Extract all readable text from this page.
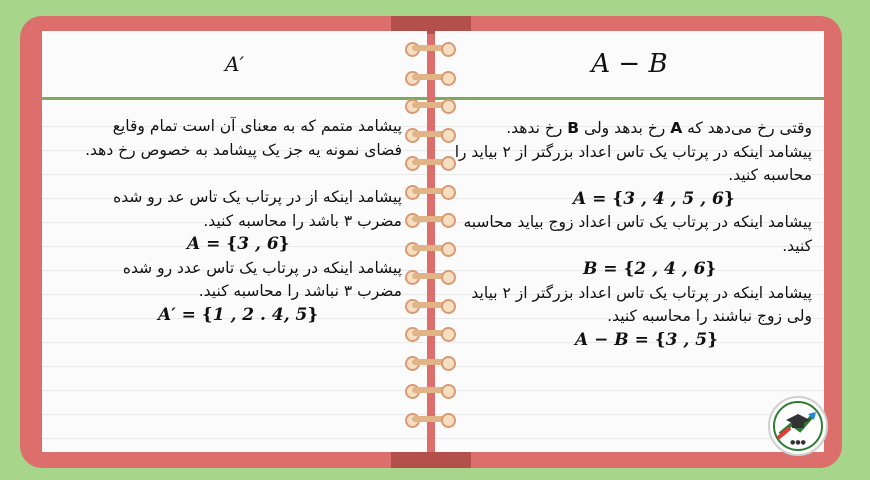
A′

پیشامد متمم که به معنای آن است تمام وقایع فضای نمونه یه جز یک پیشامد به خصوص رخ دهد.

پیشامد اینکه از در پرتاب یک تاس عد رو شده مضرب ۳ باشد را محاسبه کنید.

A = {3 , 6}

پیشامد اینکه در پرتاب یک تاس عدد رو شده مضرب ۳ نباشد را محاسبه کنید.

A′ = {1 , 2 . 4, 5}
A − B

وقتی رخ می‌دهد که A رخ بدهد ولی B رخ ندهد.

پیشامد اینکه در پرتاب یک تاس اعداد بزرگتر از ۲ بیاید را محاسبه کنید.

A = {3 , 4 , 5 , 6}

پیشامد اینکه در پرتاب یک تاس اعداد زوج بیاید محاسبه کنید.

B = {2 , 4 , 6}

پیشامد اینکه در پرتاب یک تاس اعداد بزرگتر از ۲ بیاید ولی زوج نباشند را محاسبه کنید.

A − B = {3 , 5}
●●●
